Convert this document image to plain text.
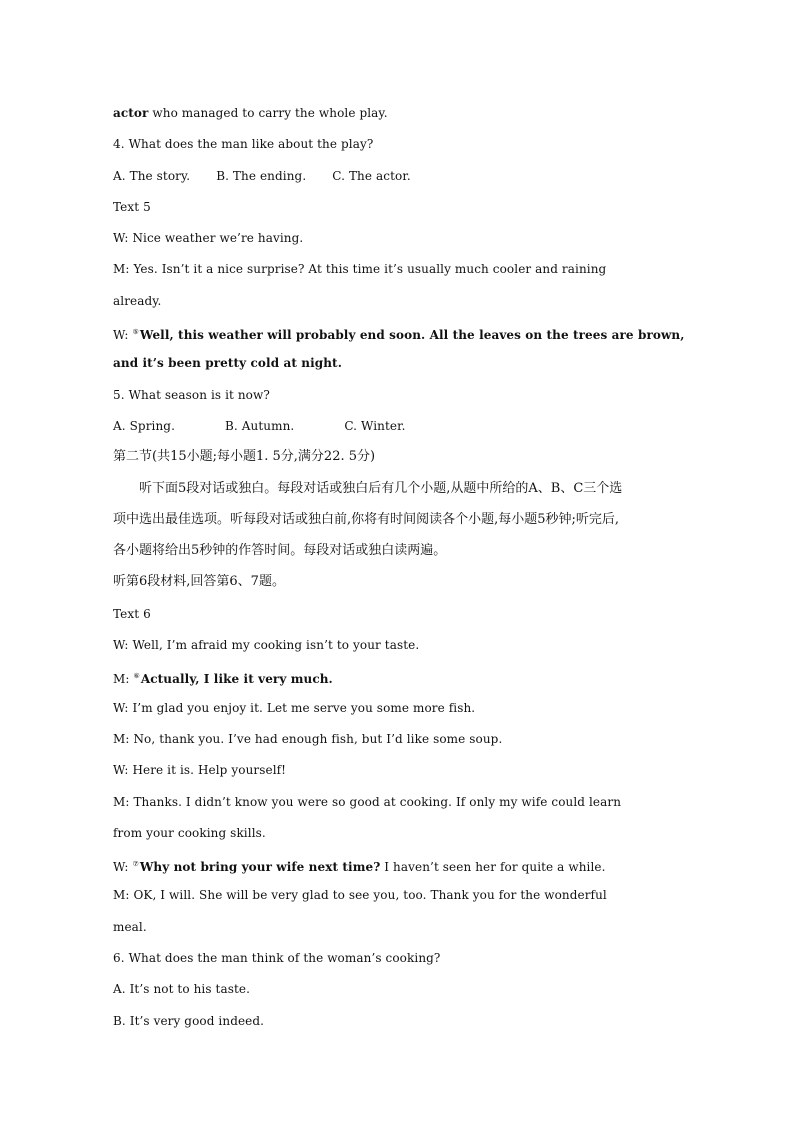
actor who managed to carry the whole play.
4. What does the man like about the play?
A. The story. B. The ending. C. The actor.
Text 5
W: Nice weather we’re having.
M: Yes. Isn’t it a nice surprise? At this time it’s usually much cooler and raining
already.
W: ⑤Well, this weather will probably end soon. All the leaves on the trees are brown,
and it’s been pretty cold at night.
5. What season is it now?
A. Spring.	B. Autumn.	C. Winter.
第二节(共15小题;每小题1. 5分,满分22. 5分)
听下面5段对话或独白。每段对话或独白后有几个小题,从题中所给的A、B、C三个选
项中选出最佳选项。听每段对话或独白前,你将有时间阅读各个小题,每小题5秒钟;听完后,
各小题将给出5秒钟的作答时间。每段对话或独白读两遍。
听第6段材料,回答第6、7题。
Text 6
W: Well, I’m afraid my cooking isn’t to your taste.
M: ⑥Actually, I like it very much.
W: I’m glad you enjoy it. Let me serve you some more fish.
M: No, thank you. I’ve had enough fish, but I’d like some soup.
W: Here it is. Help yourself!
M: Thanks. I didn’t know you were so good at cooking. If only my wife could learn
from your cooking skills.
W: ⑦Why not bring your wife next time? I haven’t seen her for quite a while.
M: OK, I will. She will be very glad to see you, too. Thank you for the wonderful
meal.
6. What does the man think of the woman’s cooking?
A. It’s not to his taste.
B. It’s very good indeed.
